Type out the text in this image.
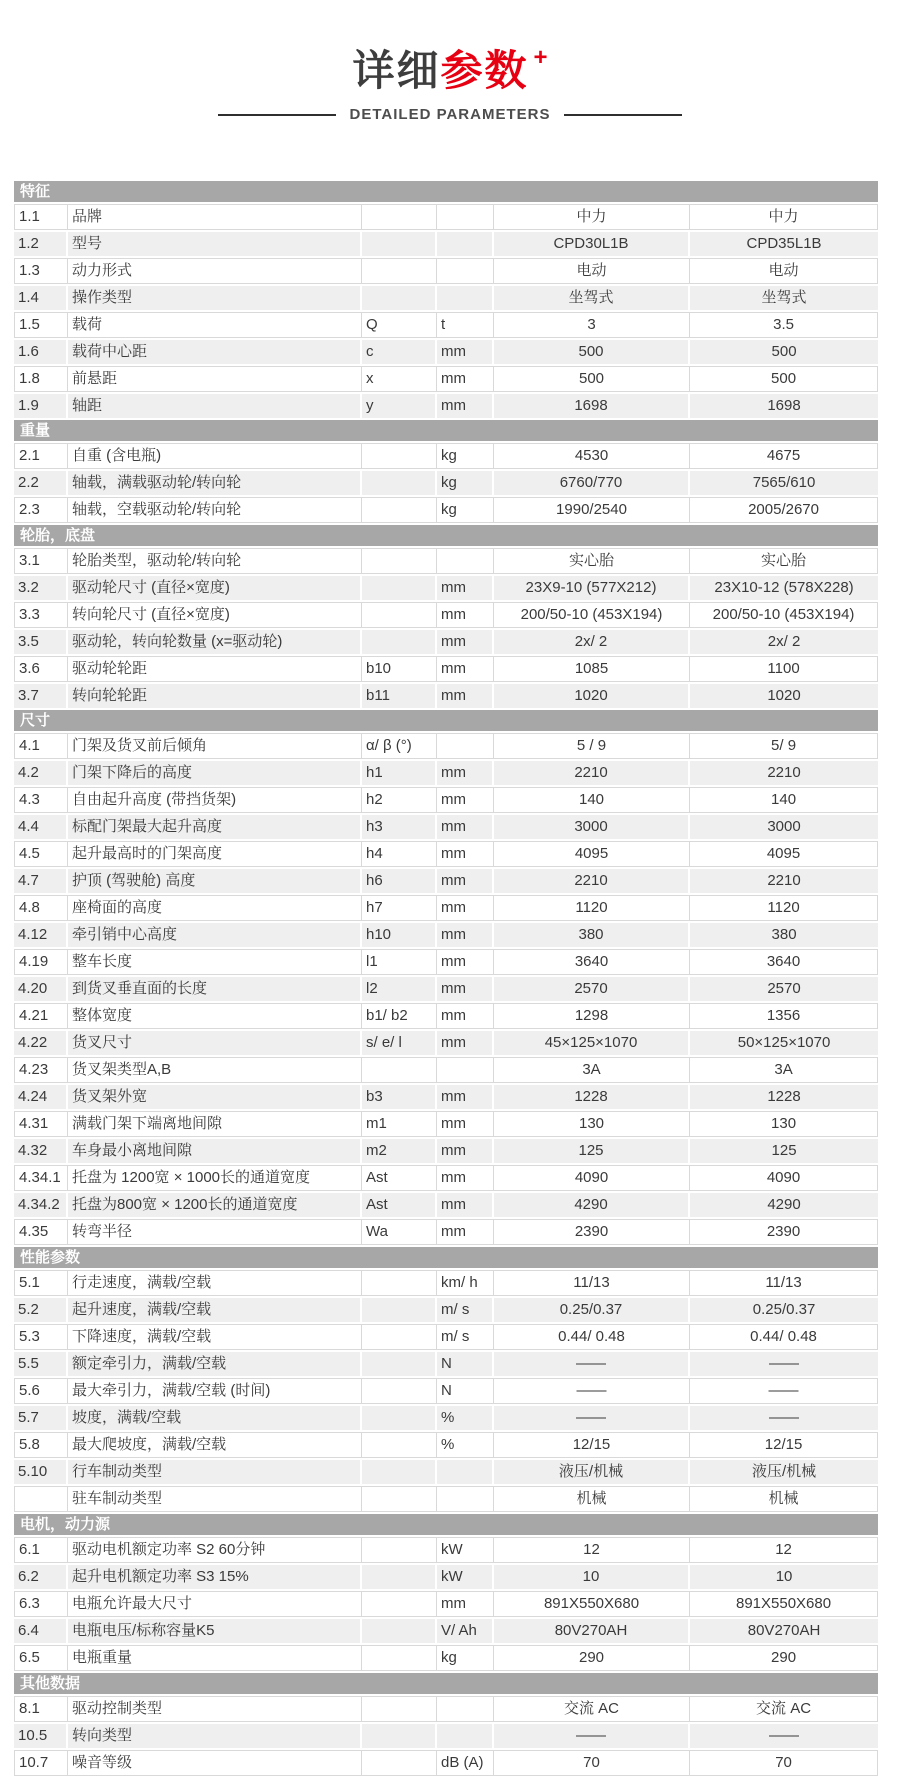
详细参数 +
DETAILED PARAMETERS
特征					
1.1	品牌			中力	中力
1.2	型号			CPD30L1B	CPD35L1B
1.3	动力形式			电动	电动
1.4	操作类型			坐驾式	坐驾式
1.5	载荷	Q	t	3	3.5
1.6	载荷中心距	c	mm	500	500
1.8	前悬距	x	mm	500	500
1.9	轴距	y	mm	1698	1698
重量					
2.1	自重 (含电瓶)		kg	4530	4675
2.2	轴载，满载驱动轮/转向轮		kg	6760/770	7565/610
2.3	轴载，空载驱动轮/转向轮		kg	1990/2540	2005/2670
轮胎，底盘					
3.1	轮胎类型，驱动轮/转向轮			实心胎	实心胎
3.2	驱动轮尺寸 (直径×宽度)		mm	23X9-10 (577X212)	23X10-12 (578X228)
3.3	转向轮尺寸 (直径×宽度)		mm	200/50-10 (453X194)	200/50-10 (453X194)
3.5	驱动轮，转向轮数量 (x=驱动轮)		mm	2x/ 2	2x/ 2
3.6	驱动轮轮距	b10	mm	1085	1100
3.7	转向轮轮距	b11	mm	1020	1020
尺寸					
4.1	门架及货叉前后倾角	α/ β (°)		5 / 9	5/ 9
4.2	门架下降后的高度	h1	mm	2210	2210
4.3	自由起升高度 (带挡货架)	h2	mm	140	140
4.4	标配门架最大起升高度	h3	mm	3000	3000
4.5	起升最高时的门架高度	h4	mm	4095	4095
4.7	护顶 (驾驶舱) 高度	h6	mm	2210	2210
4.8	座椅面的高度	h7	mm	1120	1120
4.12	牵引销中心高度	h10	mm	380	380
4.19	整车长度	l1	mm	3640	3640
4.20	到货叉垂直面的长度	l2	mm	2570	2570
4.21	整体宽度	b1/ b2	mm	1298	1356
4.22	货叉尺寸	s/ e/ l	mm	45×125×1070	50×125×1070
4.23	货叉架类型A,B			3A	3A
4.24	货叉架外宽	b3	mm	1228	1228
4.31	满载门架下端离地间隙	m1	mm	130	130
4.32	车身最小离地间隙	m2	mm	125	125
4.34.1	托盘为 1200宽 × 1000长的通道宽度	Ast	mm	4090	4090
4.34.2	托盘为800宽 × 1200长的通道宽度	Ast	mm	4290	4290
4.35	转弯半径	Wa	mm	2390	2390
性能参数					
5.1	行走速度，满载/空载		km/ h	11/13	11/13
5.2	起升速度，满载/空载		m/ s	0.25/0.37	0.25/0.37
5.3	下降速度，满载/空载		m/ s	0.44/ 0.48	0.44/ 0.48
5.5	额定牵引力，满载/空载		N	——	——
5.6	最大牵引力，满载/空载 (时间)		N	——	——
5.7	坡度，满载/空载		%	——	——
5.8	最大爬坡度，满载/空载		%	12/15	12/15
5.10	行车制动类型			液压/机械	液压/机械
	驻车制动类型			机械	机械
电机，动力源					
6.1	驱动电机额定功率 S2 60分钟		kW	12	12
6.2	起升电机额定功率 S3 15%		kW	10	10
6.3	电瓶允许最大尺寸		mm	891X550X680	891X550X680
6.4	电瓶电压/标称容量K5		V/ Ah	80V270AH	80V270AH
6.5	电瓶重量		kg	290	290
其他数据					
8.1	驱动控制类型			交流 AC	交流 AC
10.5	转向类型			——	——
10.7	噪音等级		dB (A)	70	70
